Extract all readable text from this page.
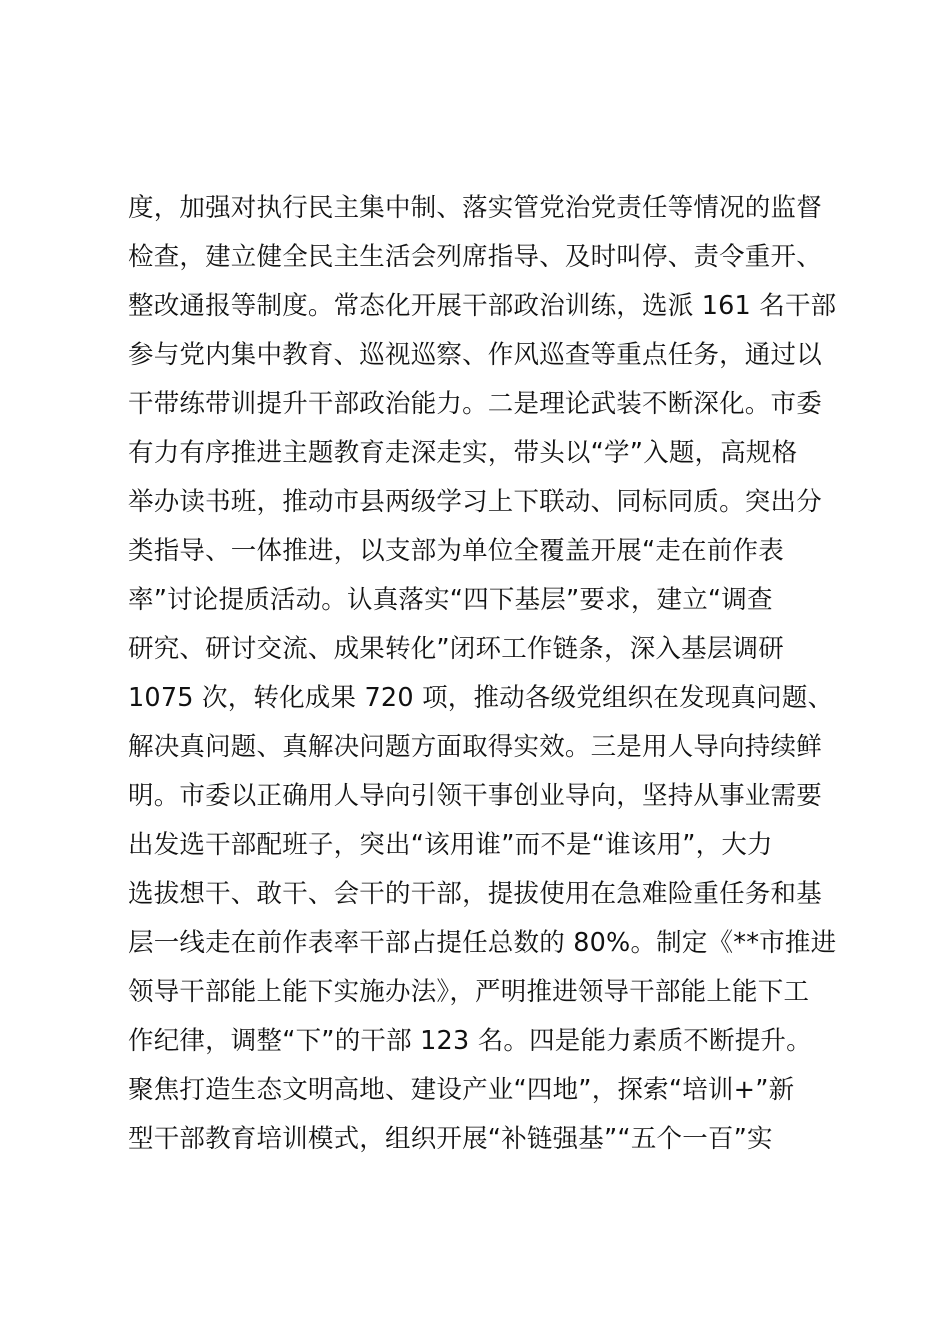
度，加强对执行民主集中制、落实管党治党责任等情况的监督
检查，建立健全民主生活会列席指导、及时叫停、责令重开、
整改通报等制度。常态化开展干部政治训练，选派 161 名干部
参与党内集中教育、巡视巡察、作风巡查等重点任务，通过以
干带练带训提升干部政治能力。二是理论武装不断深化。市委
有力有序推进主题教育走深走实，带头以“学”入题，高规格
举办读书班，推动市县两级学习上下联动、同标同质。突出分
类指导、一体推进，以支部为单位全覆盖开展“走在前作表
率”讨论提质活动。认真落实“四下基层”要求，建立“调查
研究、研讨交流、成果转化”闭环工作链条，深入基层调研
1075 次，转化成果 720 项，推动各级党组织在发现真问题、
解决真问题、真解决问题方面取得实效。三是用人导向持续鲜
明。市委以正确用人导向引领干事创业导向，坚持从事业需要
出发选干部配班子，突出“该用谁”而不是“谁该用”，大力
选拔想干、敢干、会干的干部，提拔使用在急难险重任务和基
层一线走在前作表率干部占提任总数的 80%。制定《**市推进
领导干部能上能下实施办法》，严明推进领导干部能上能下工
作纪律，调整“下”的干部 123 名。四是能力素质不断提升。
聚焦打造生态文明高地、建设产业“四地”，探索“培训+”新
型干部教育培训模式，组织开展“补链强基”“五个一百”实
